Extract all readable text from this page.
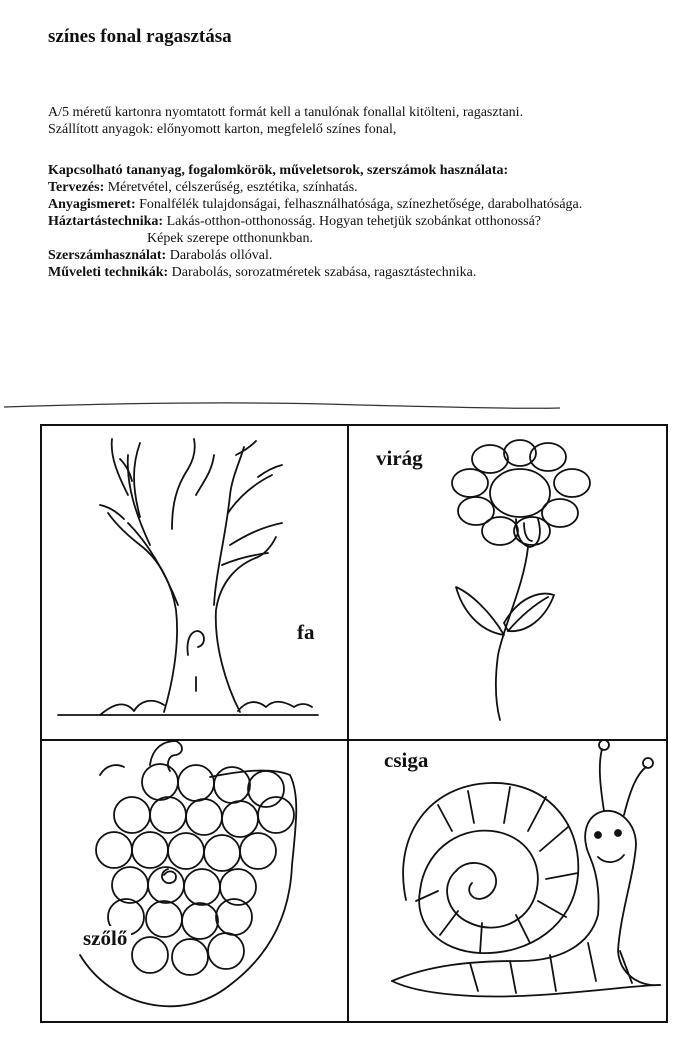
színes fonal ragasztása

A/5 méretű kartonra nyomtatott formát kell a tanulónak fonallal kitölteni, ragasztani.

Szállított anyagok: előnyomott karton, megfelelő színes fonal,

Kapcsolható tananyag, fogalomkörök, műveletsorok, szerszámok használata:
Tervezés: Méretvétel, célszerűség, esztétika, színhatás.
Anyagismeret: Fonalfélék tulajdonságai, felhasználhatósága, színezhetősége, darabolhatósága.
Háztartástechnika: Lakás-otthon-otthonosság. Hogyan tehetjük szobánkat otthonossá?
Képek szerepe otthonunkban.
Szerszámhasználat: Darabolás ollóval.
Műveleti technikák: Darabolás, sorozatméretek szabása, ragasztástechnika.
fa
virág
szőlő
csiga
